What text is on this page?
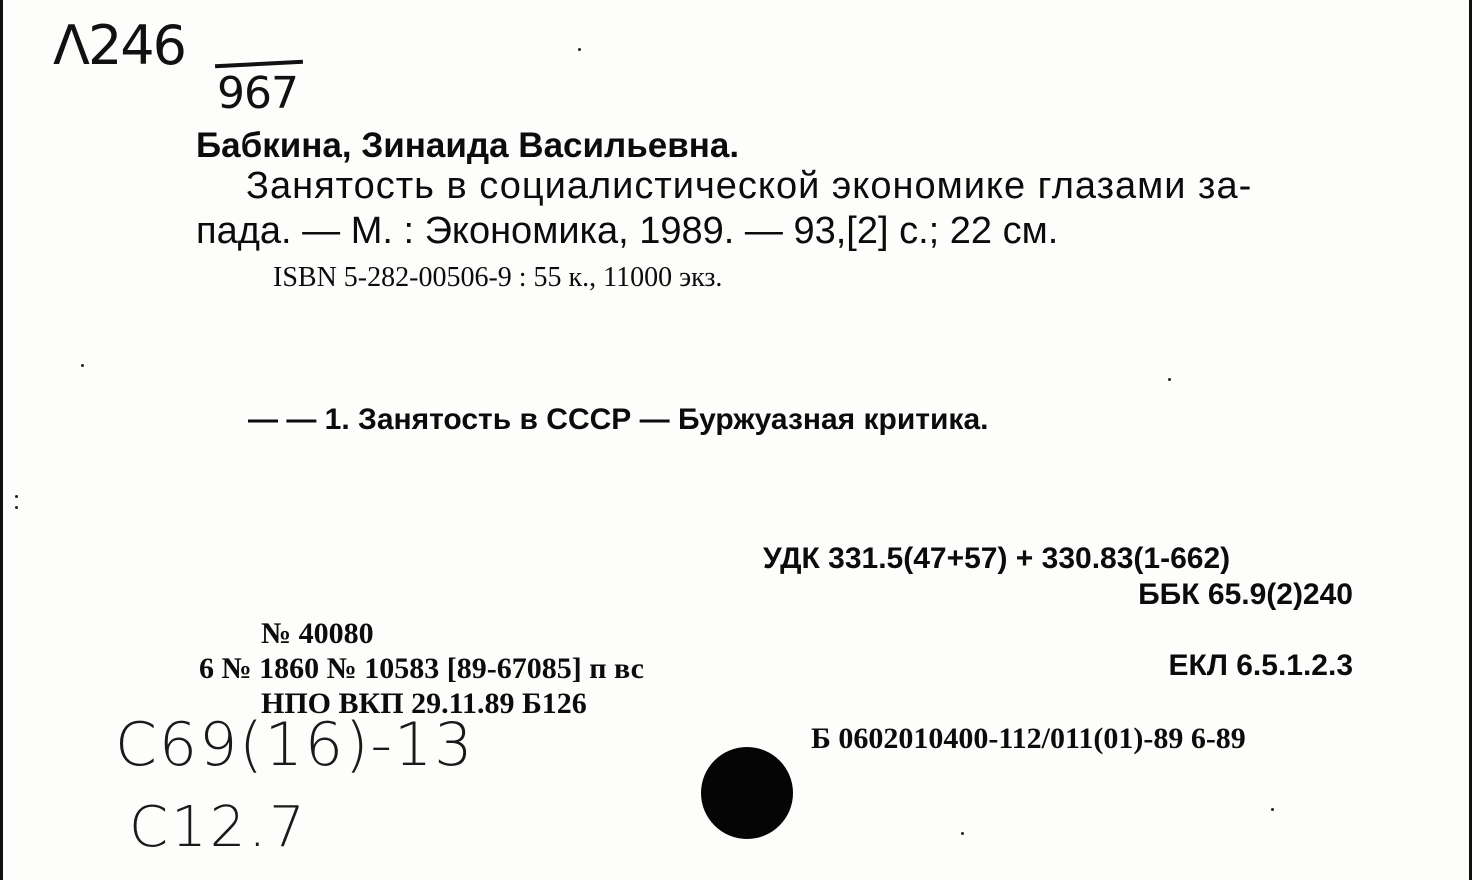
Λ246
967
Бабкина, Зинаида Васильевна.
Занятость в социалистической экономике глазами за-
пада. — М. : Экономика, 1989. — 93,[2] с.; 22 см.
ISBN 5-282-00506-9 : 55 к., 11000 экз.
— — 1. Занятость в СССР — Буржуазная критика.
УДК 331.5(47+57) + 330.83(1-662)
ББК 65.9(2)240
№ 40080
6 № 1860 № 10583 [89-67085] п вс
НПО ВКП 29.11.89 Б126
ЕКЛ 6.5.1.2.3
Б 0602010400-112/011(01)-89 6-89
C69(16)-13
C12.7
